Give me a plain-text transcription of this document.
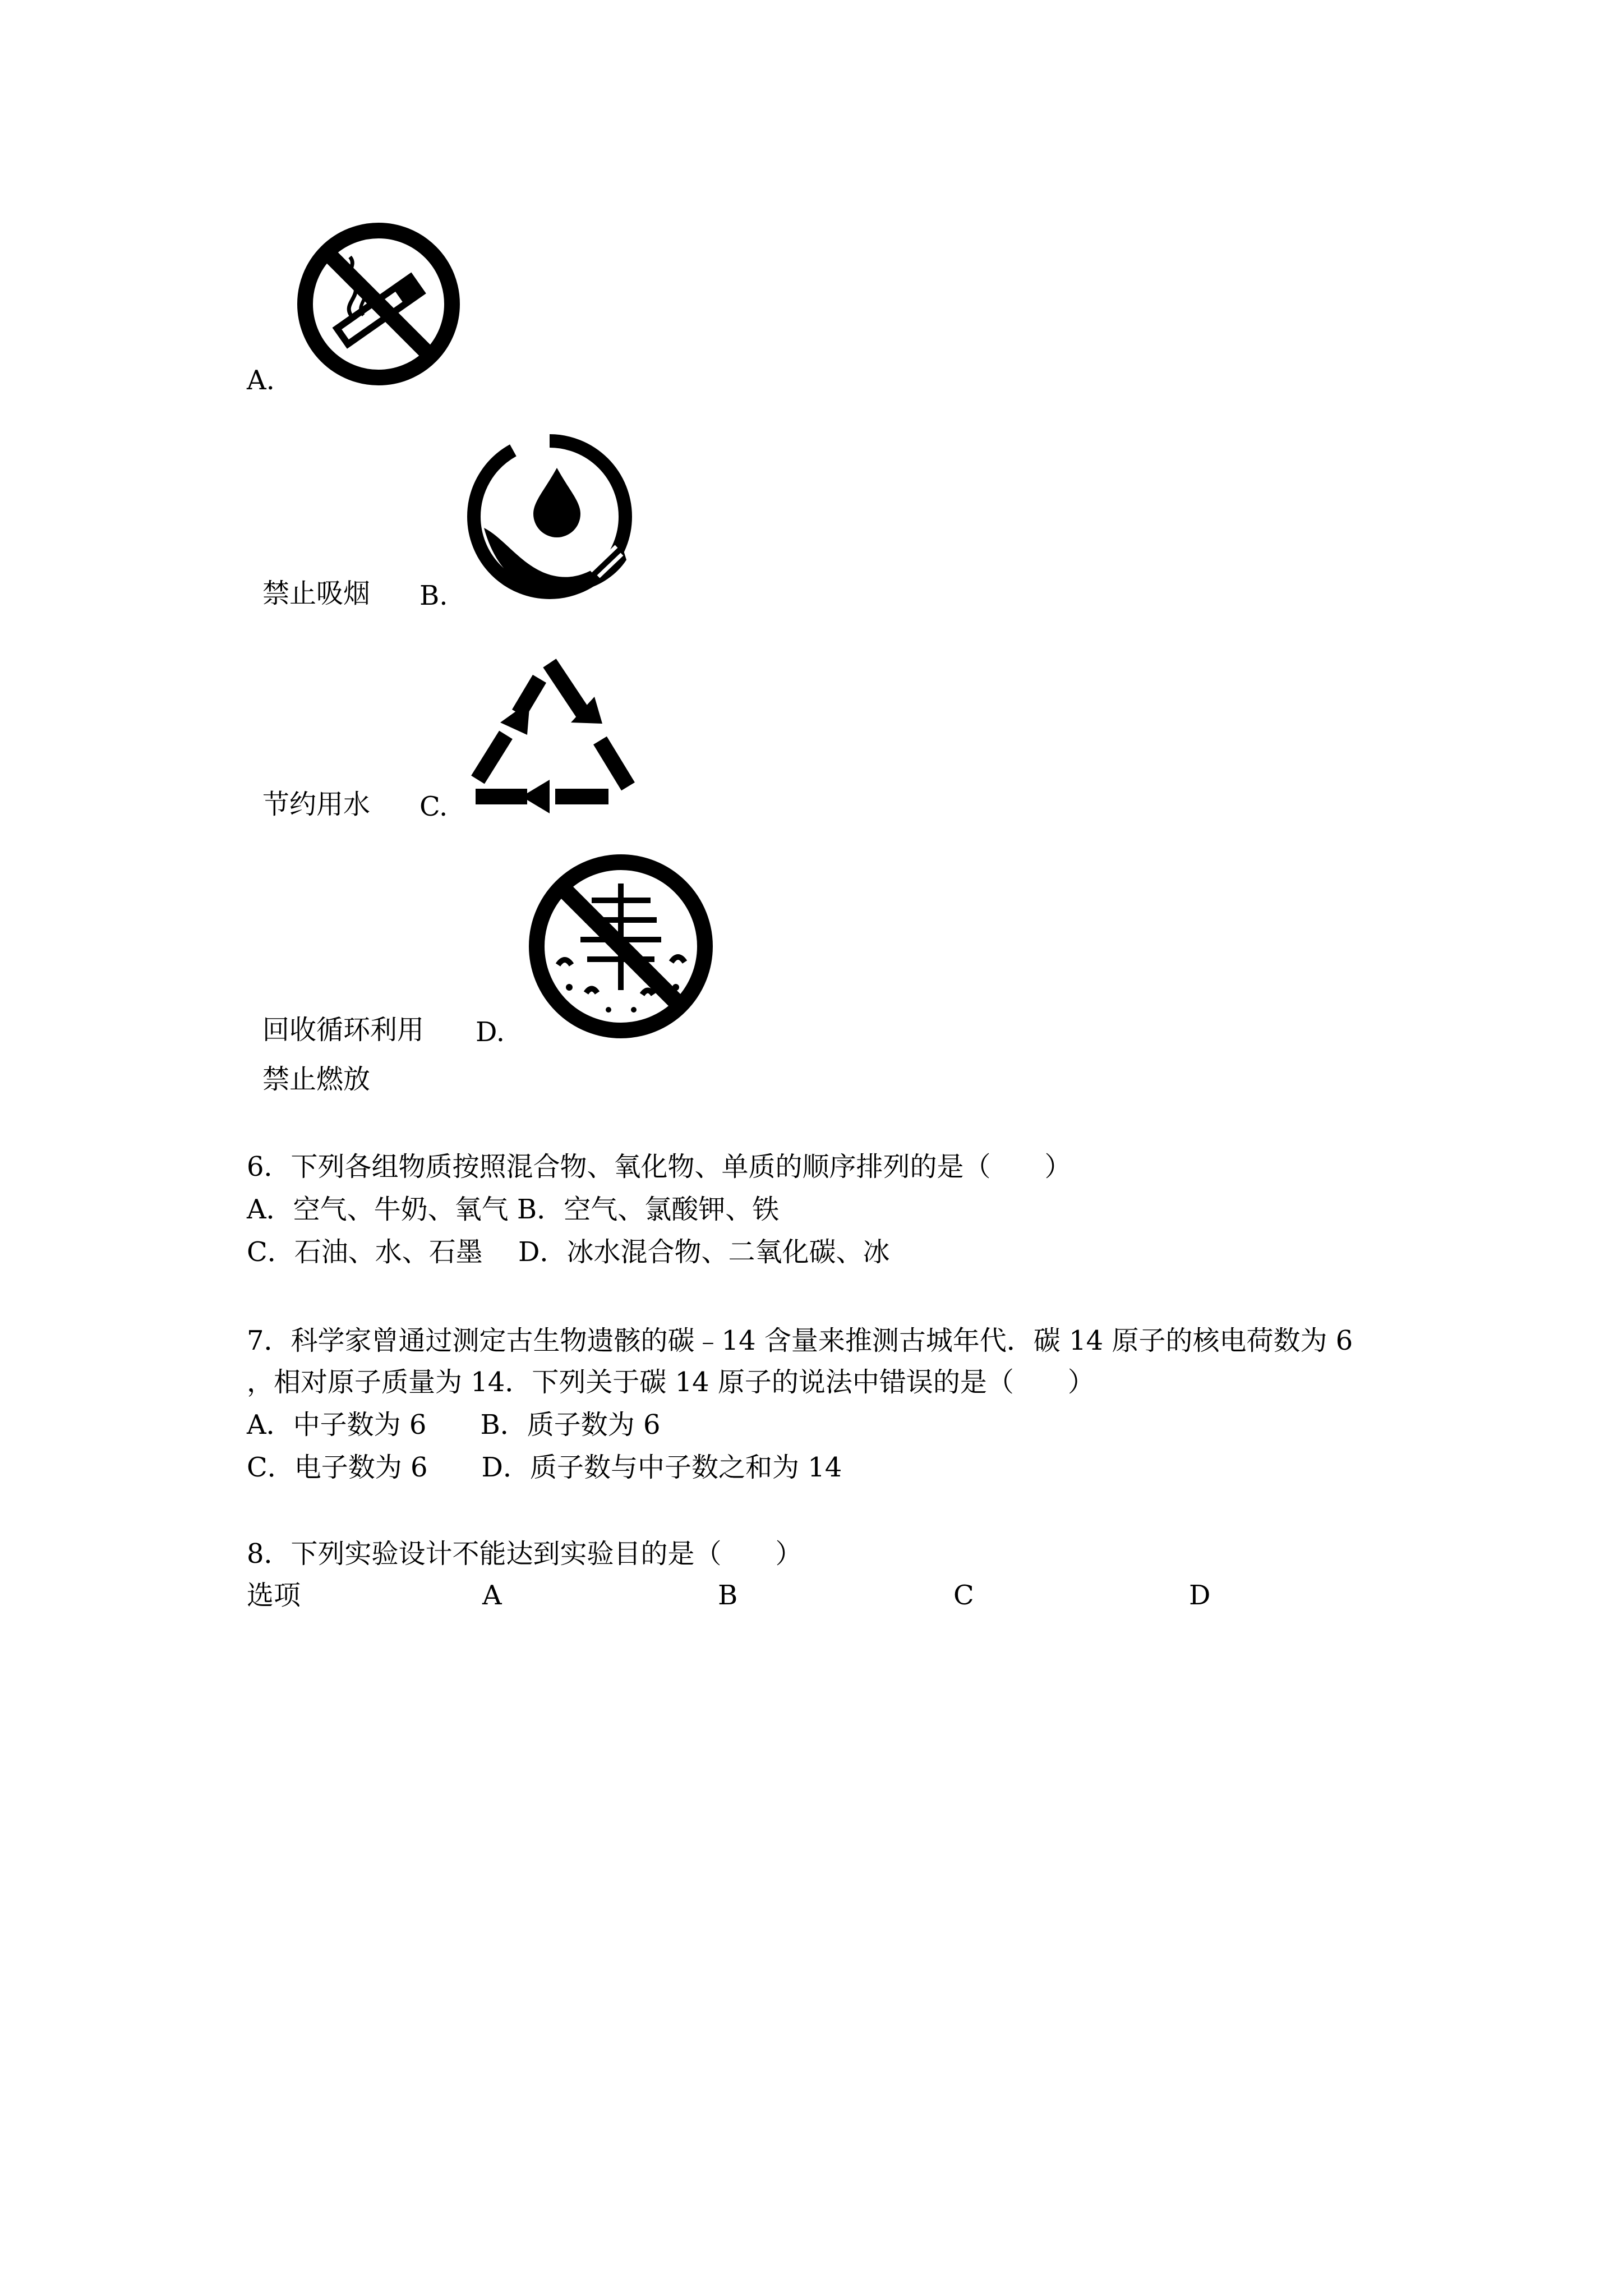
A.
禁止吸烟 B.
节约用水 C.
回收循环利用 D.
禁止燃放
6．下列各组物质按照混合物、氧化物、单质的顺序排列的是（　　）
A．空气、牛奶、氧气 B．空气、氯酸钾、铁
C．石油、水、石墨　 D．冰水混合物、二氧化碳、冰
7．科学家曾通过测定古生物遗骸的碳﹣14 含量来推测古城年代．碳 14 原子的核电荷数为 6
，相对原子质量为 14．下列关于碳 14 原子的说法中错误的是（　　）
A．中子数为 6　　B．质子数为 6
C．电子数为 6　　D．质子数与中子数之和为 14
8．下列实验设计不能达到实验目的是（　　）
选项	A	B	C	D
